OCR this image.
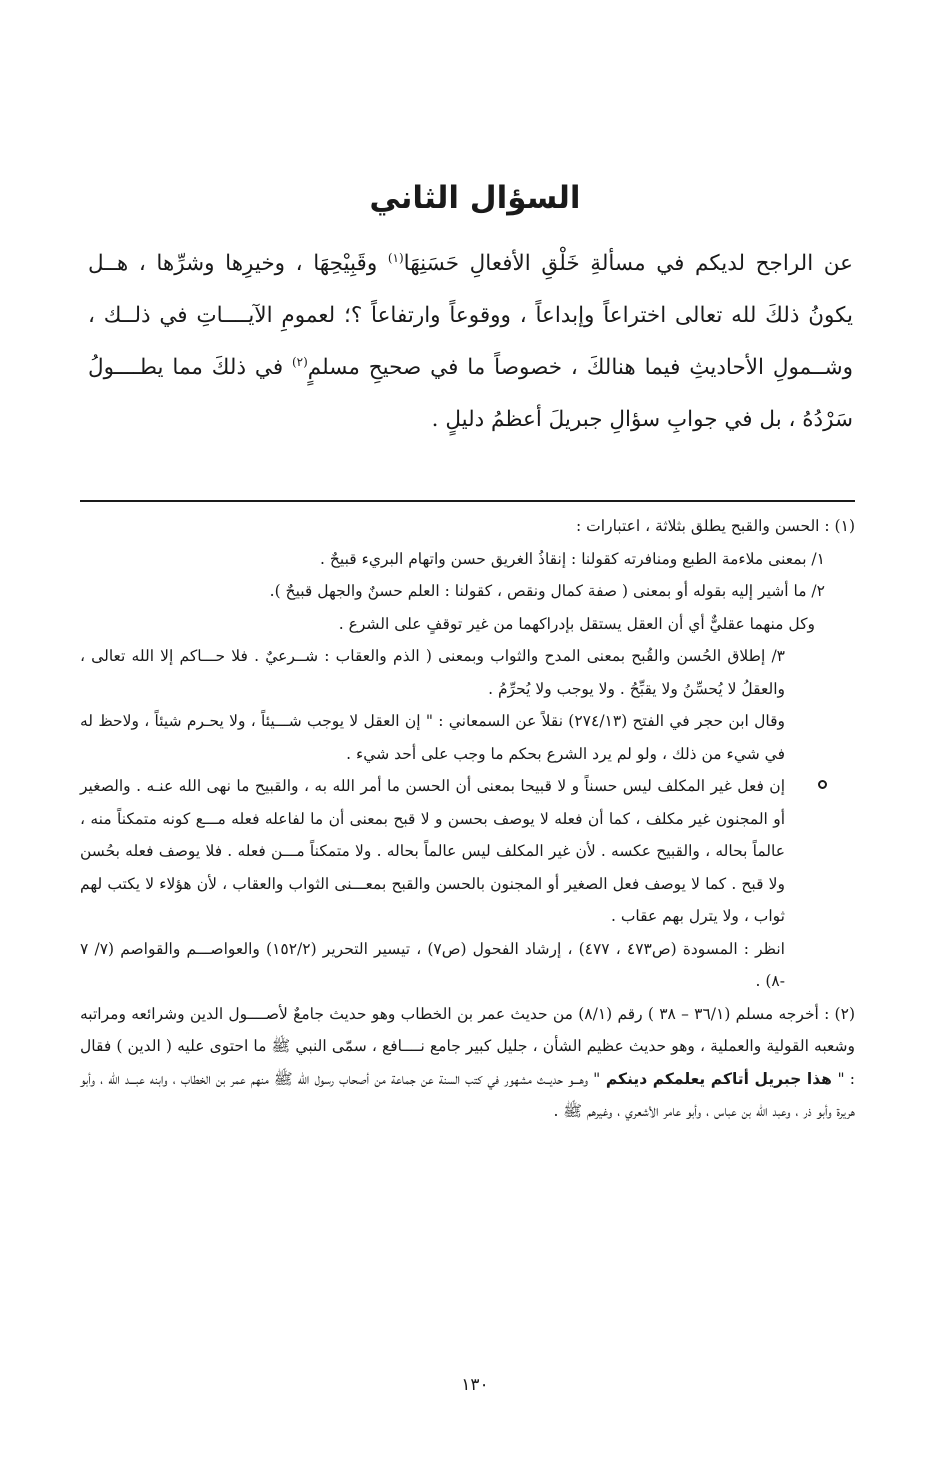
السؤال الثاني
عن الراجح لديكم في مسألةِ خَلْقِ الأفعالِ حَسَنِهَا$^{(١)}$ وقَبِيْحِهَا ، وخيرِها وشرِّها ، هــل يكونُ ذلكَ لله تعالى اختراعاً وإبداعاً ، ووقوعاً وارتفاعاً ؟؛ لعمومِ الآيــــاتِ في ذلــك ، وشــمولِ الأحاديثِ فيما هنالكَ ، خصوصاً ما في صحيحِ مسلمٍ$^{(٢)}$ في ذلكَ مما يطــــولُ سَرْدُهُ ، بل في جوابِ سؤالِ جبريلَ أعظمُ دليلٍ .

(١) : الحسن والقبح يطلق بثلاثة ، اعتبارات :

١/ بمعنى ملاءمة الطبع ومنافرته كقولنا : إنقاذُ الغريق حسن واتهام البريء قبيحٌ .

٢/ ما أشير إليه بقوله أو بمعنى ( صفة كمال ونقص ، كقولنا : العلم حسنٌ والجهل قبيحٌ ).

وكل منهما عقليٌّ أي أن العقل يستقل بإدراكهما من غير توقفٍ على الشرع .

٣/ إطلاق الحُسن والقُبح بمعنى المدح والثواب وبمعنى ( الذم والعقاب : شــرعيٌ . فلا حـــاكم إلا الله تعالى ، والعقلُ لا يُحسِّنُ ولا يقبِّحُ . ولا يوجب ولا يُحرِّمُ .

وقال ابن حجر في الفتح (٢٧٤/١٣) نقلاً عن السمعاني : " إن العقل لا يوجب شـــيئاً ، ولا يحـرم شيئاً ، ولاحظ له في شيء من ذلك ، ولو لم يرد الشرع بحكم ما وجب على أحد شيء .

إن فعل غير المكلف ليس حسناً و لا قبيحا بمعنى أن الحسن ما أمر الله به ، والقبيح ما نهى الله عنـه . والصغير أو المجنون غير مكلف ، كما أن فعله لا يوصف بحسن و لا قبح بمعنى أن ما لفاعله فعله مـــع كونه متمكناً منه ، عالماً بحاله ، والقبيح عكسه . لأن غير المكلف ليس عالماً بحاله . ولا متمكناً مـــن فعله . فلا يوصف فعله بحُسن ولا قبح . كما لا يوصف فعل الصغير أو المجنون بالحسن والقبح بمعـــنى الثواب والعقاب ، لأن هؤلاء لا يكتب لهم ثواب ، ولا يترل بهم عقاب .

انظر : المسودة (ص٤٧٣ ، ٤٧٧) ، إرشاد الفحول (ص٧) ، تيسير التحرير (١٥٢/٢) والعواصـــم والقواصم (٧/ ٧ -٨) .

(٢) : أخرجه مسلم (٣٦/١ – ٣٨ ) رقم (٨/١) من حديث عمر بن الخطاب وهو حديث جامعٌ لأصــــول الدين وشرائعه ومراتبه وشعبه القولية والعملية ، وهو حديث عظيم الشأن ، جليل كبير جامع نــــافع ، سمّى النبي ﷺ ما احتوى عليه ( الدين ) فقال : " هذا جبريل أتاكم يعلمكم دينكم " وهـــو حديــث مشهور في كتب السنة عن جماعة من أصحاب رسول الله ﷺ منهم عمر بن الخطاب ، وابنه عبـــد الله ، وأبو هريرة وأبو ذر ، وعبد الله بن عباس ، وأبو عامر الأشعري ، وغيرهم ﷺ .

١٣٠
